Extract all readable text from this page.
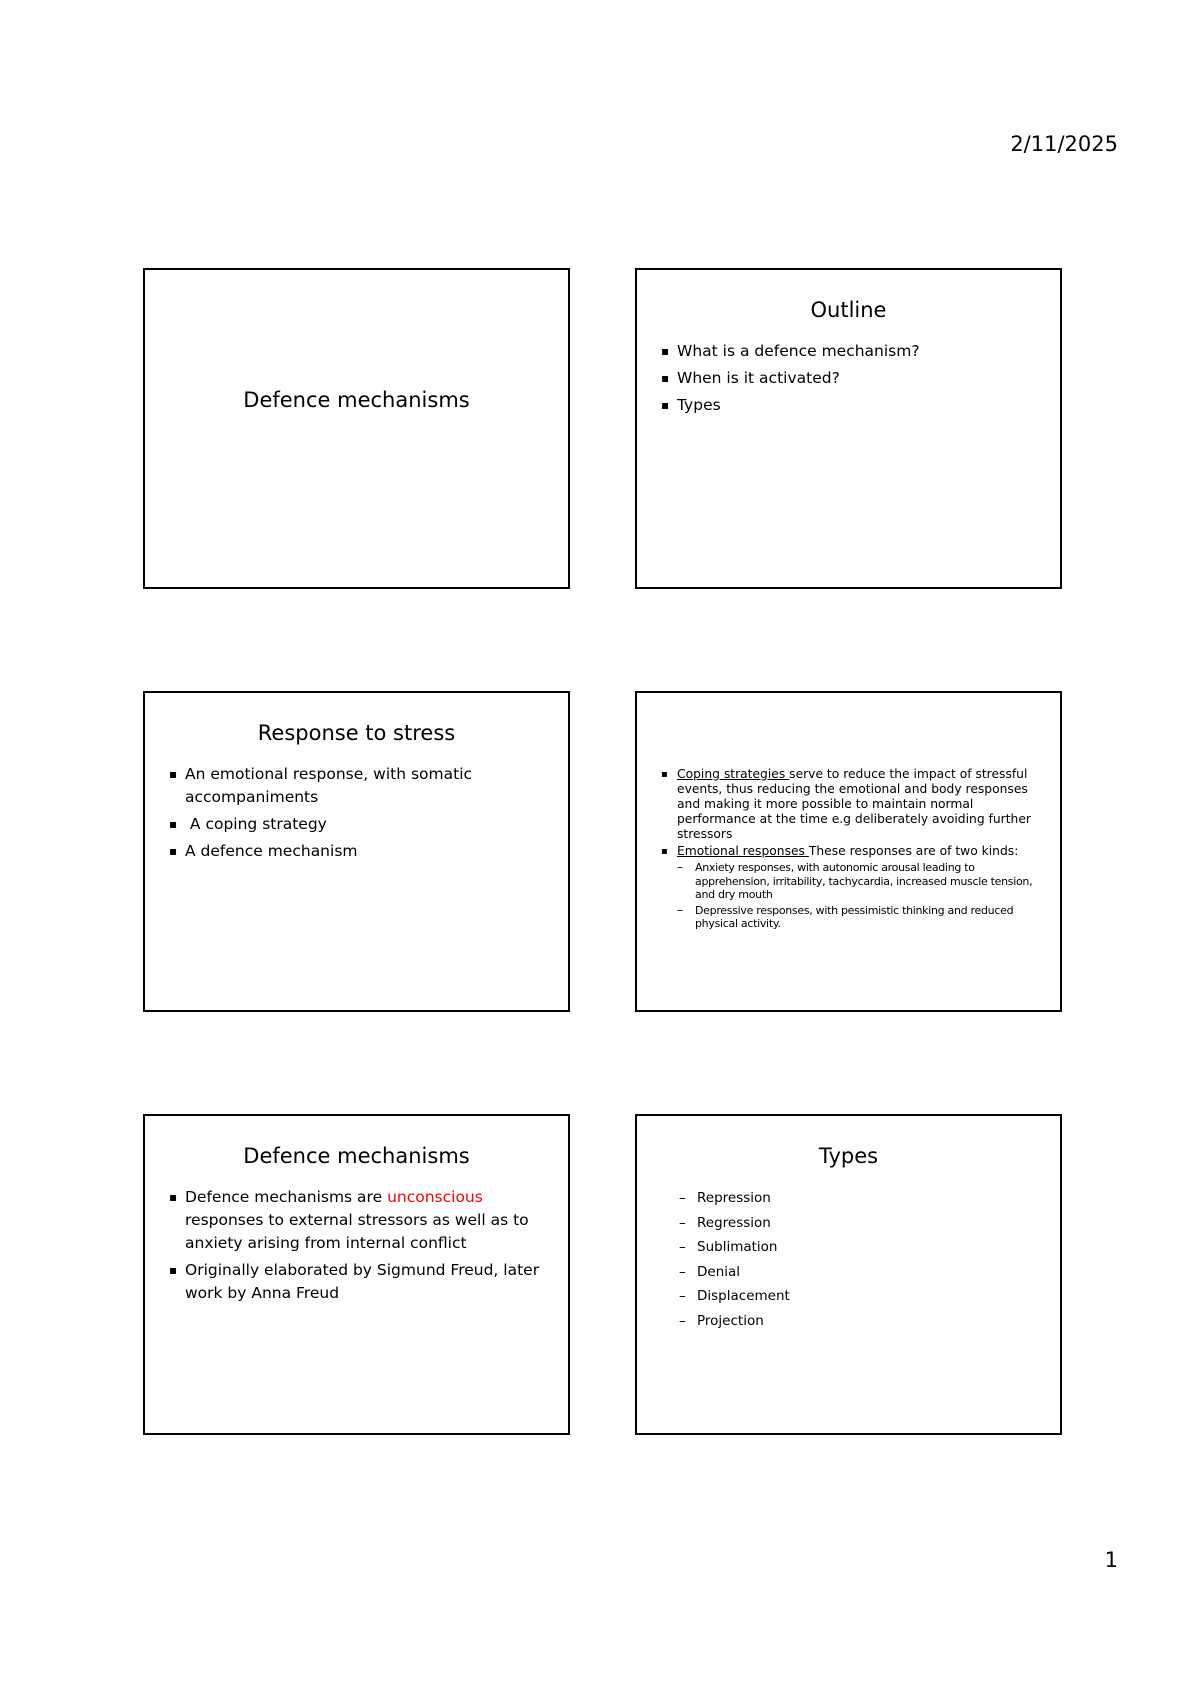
2/11/2025
Defence mechanisms
Outline
▪ What is a defence mechanism?
▪ When is it activated?
▪ Types
Response to stress
▪ An emotional response, with somatic accompaniments
▪  A coping strategy
▪ A defence mechanism
▪ Coping strategies serve to reduce the impact of stressful events, thus reducing the emotional and body responses and making it more possible to maintain normal performance at the time e.g deliberately avoiding further stressors
▪ Emotional responses These responses are of two kinds:
– Anxiety responses, with autonomic arousal leading to apprehension, irritability, tachycardia, increased muscle tension, and dry mouth
– Depressive responses, with pessimistic thinking and reduced physical activity.
Defence mechanisms
▪ Defence mechanisms are unconscious responses to external stressors as well as to anxiety arising from internal conflict
▪ Originally elaborated by Sigmund Freud, later work by Anna Freud
Types
– Repression
– Regression
– Sublimation
– Denial
– Displacement
– Projection
1
